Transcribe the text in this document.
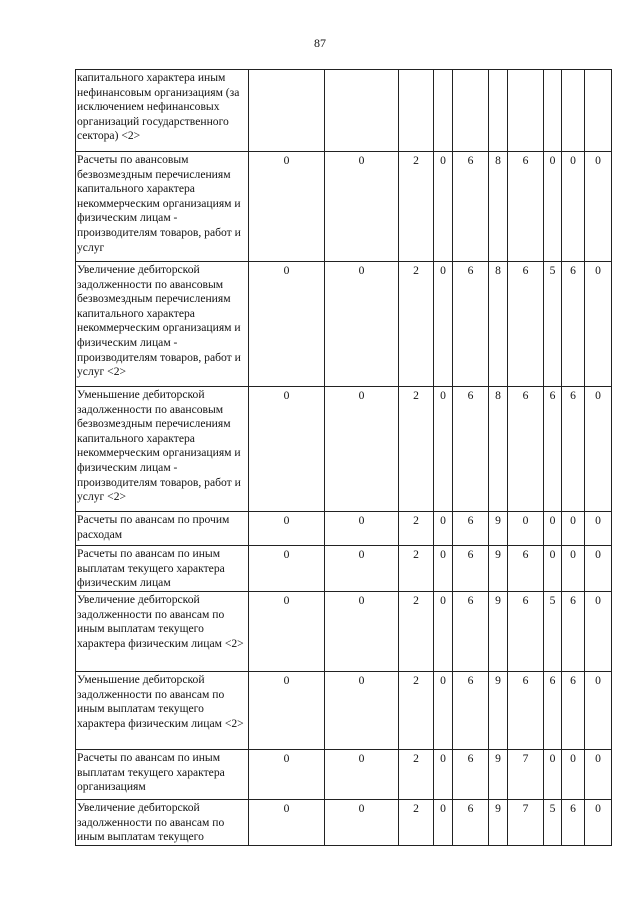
87
капитального характера иным нефинансовым организациям (за исключением нефинансовых организаций государственного сектора) <2>										
Расчеты по авансовым безвозмездным перечислениям капитального характера некоммерческим организациям и физическим лицам - производителям товаров, работ и услуг	0	0	2	0	6	8	6	0	0	0
Увеличение дебиторской задолженности по авансовым безвозмездным перечислениям капитального характера некоммерческим организациям и физическим лицам - производителям товаров, работ и услуг <2>	0	0	2	0	6	8	6	5	6	0
Уменьшение дебиторской задолженности по авансовым безвозмездным перечислениям капитального характера некоммерческим организациям и физическим лицам - производителям товаров, работ и услуг <2>	0	0	2	0	6	8	6	6	6	0
Расчеты по авансам по прочим расходам	0	0	2	0	6	9	0	0	0	0
Расчеты по авансам по иным выплатам текущего характера физическим лицам	0	0	2	0	6	9	6	0	0	0
Увеличение дебиторской задолженности по авансам по иным выплатам текущего характера физическим лицам <2>	0	0	2	0	6	9	6	5	6	0
Уменьшение дебиторской задолженности по авансам по иным выплатам текущего характера физическим лицам <2>	0	0	2	0	6	9	6	6	6	0
Расчеты по авансам по иным выплатам текущего характера организациям	0	0	2	0	6	9	7	0	0	0
Увеличение дебиторской задолженности по авансам по иным выплатам текущего	0	0	2	0	6	9	7	5	6	0
